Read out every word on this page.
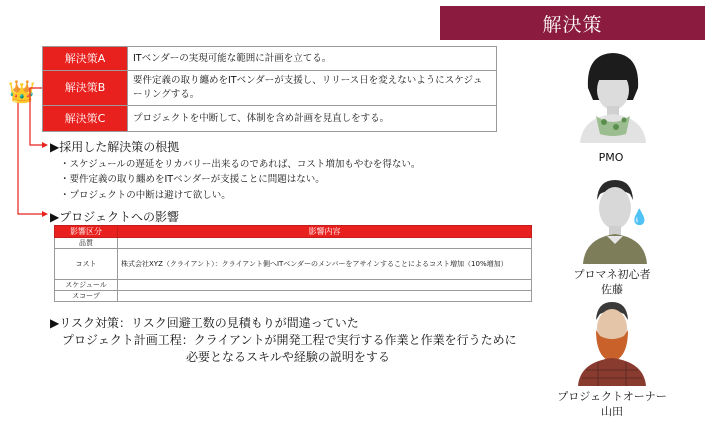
解決策
解決策A	ITベンダーの実現可能な範囲に計画を立てる。
解決策B	要件定義の取り纏めをITベンダーが支援し、リリース日を変えないようにスケジューリングする。
解決策C	プロジェクトを中断して、体制を含め計画を見直しをする。
👑
▶採用した解決策の根拠
・スケジュールの遅延をリカバリー出来るのであれば、コスト増加もやむを得ない。
・要件定義の取り纏めをITベンダーが支援ことに問題はない。
・プロジェクトの中断は避けて欲しい。
▶プロジェクトへの影響
影響区分	影響内容
品質	
コスト	株式会社XYZ（クライアント）：クライアント側へITベンダーのメンバーをアサインすることによるコスト増加（10%増加）
スケジュール	
スコープ	
▶リスク対策：リスク回避工数の見積もりが間違っていた
プロジェクト計画工程：クライアントが開発工程で実行する作業と作業を行うために
必要となるスキルや経験の説明をする
PMO
💧
プロマネ初心者
佐藤
プロジェクトオーナー
山田
